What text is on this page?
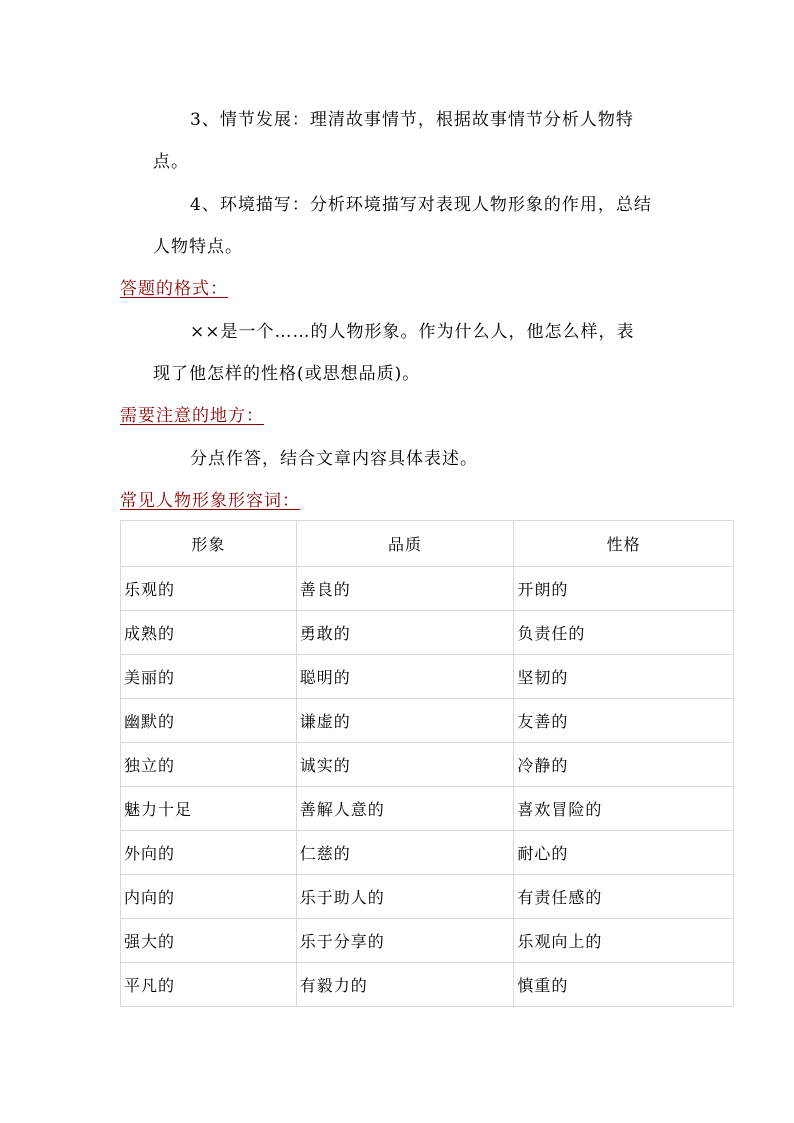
3、情节发展：理清故事情节，根据故事情节分析人物特
点。
4、环境描写：分析环境描写对表现人物形象的作用，总结
人物特点。
答题的格式：
××是一个……的人物形象。作为什么人，他怎么样，表
现了他怎样的性格(或思想品质)。
需要注意的地方：
分点作答，结合文章内容具体表述。
常见人物形象形容词：
形象	品质	性格
乐观的	善良的	开朗的
成熟的	勇敢的	负责任的
美丽的	聪明的	坚韧的
幽默的	谦虚的	友善的
独立的	诚实的	冷静的
魅力十足	善解人意的	喜欢冒险的
外向的	仁慈的	耐心的
内向的	乐于助人的	有责任感的
强大的	乐于分享的	乐观向上的
平凡的	有毅力的	慎重的
